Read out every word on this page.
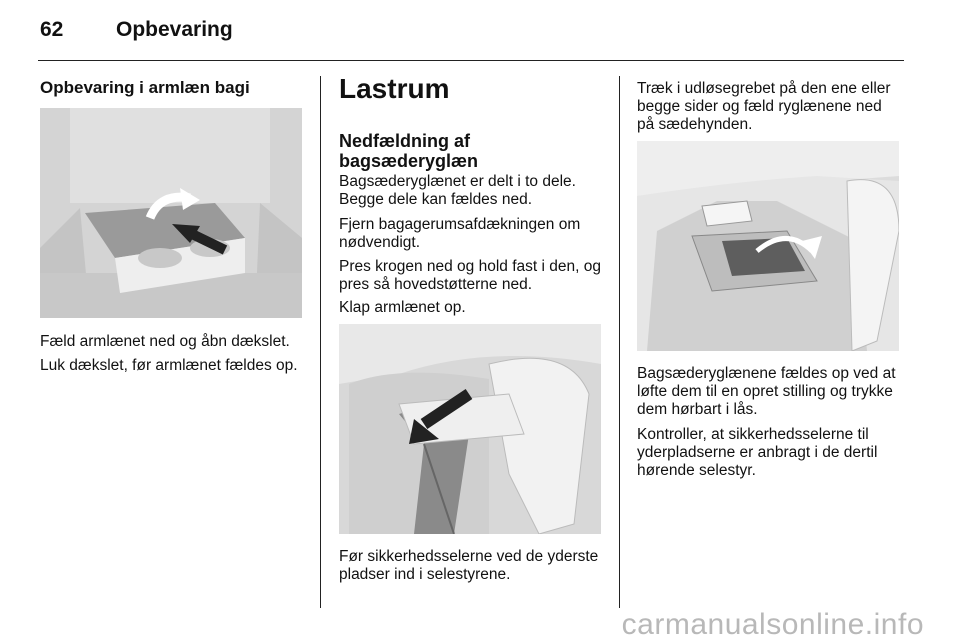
62	Opbevaring
Opbevaring i armlæn bagi
Fæld armlænet ned og åbn dækslet.
Luk dækslet, før armlænet fældes op.
Lastrum
Nedfældning af
bagsæderyglæn
Bagsæderyglænet er delt i to dele.
Begge dele kan fældes ned.
Fjern bagagerumsafdækningen om
nødvendigt.
Pres krogen ned og hold fast i den, og
pres så hovedstøtterne ned.
Klap armlænet op.
Før sikkerhedsselerne ved de yderste
pladser ind i selestyrene.
Træk i udløsegrebet på den ene eller
begge sider og fæld ryglænene ned
på sædehynden.
Bagsæderyglænene fældes op ved at
løfte dem til en opret stilling og trykke
dem hørbart i lås.
Kontroller, at sikkerhedsselerne til
yderpladserne er anbragt i de dertil
hørende selestyr.
carmanualsonline.info
